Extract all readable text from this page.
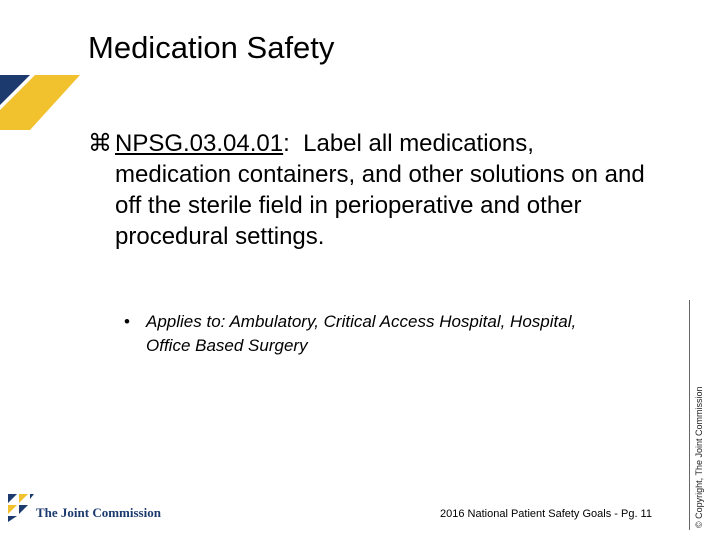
Medication Safety
⌘ NPSG.03.04.01:  Label all medications, medication containers, and other solutions on and off the sterile field in perioperative and other procedural settings.
• Applies to: Ambulatory, Critical Access Hospital, Hospital, Office Based Surgery
© Copyright, The Joint Commission
The Joint Commission	2016 National Patient Safety Goals - Pg. 11
